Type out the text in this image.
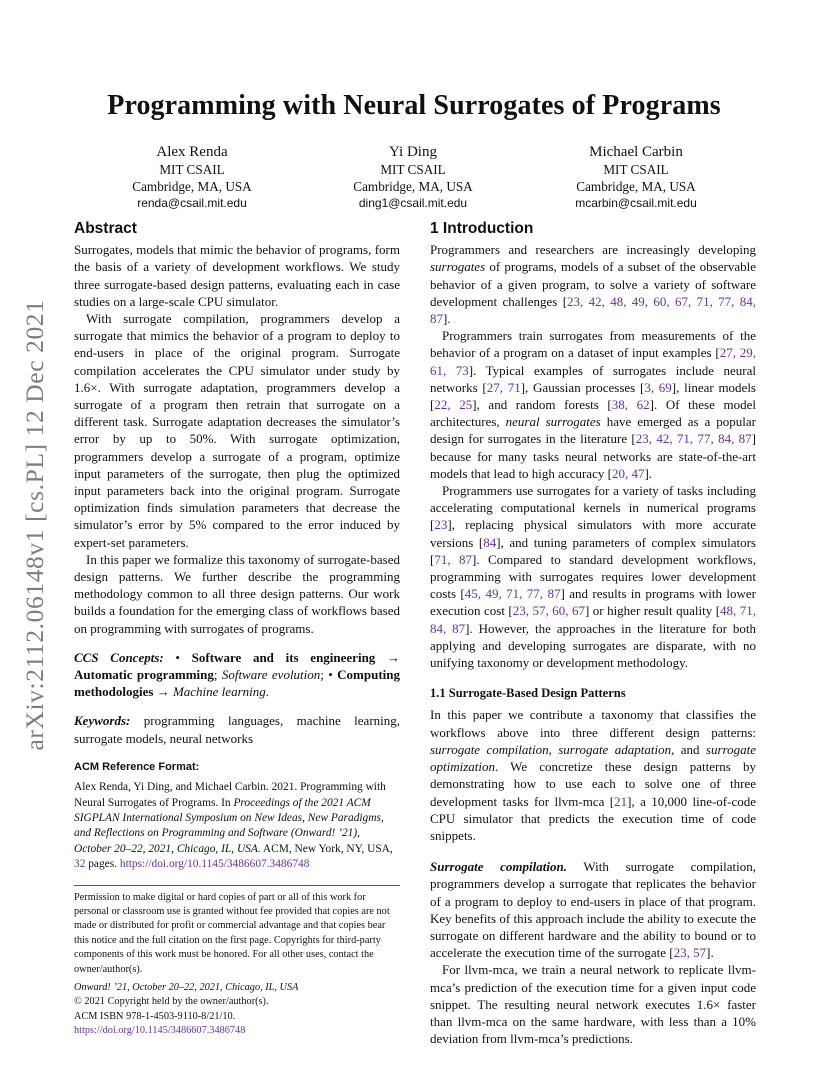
arXiv:2112.06148v1 [cs.PL] 12 Dec 2021
Programming with Neural Surrogates of Programs
Alex Renda
MIT CSAIL
Cambridge, MA, USA
renda@csail.mit.edu
Yi Ding
MIT CSAIL
Cambridge, MA, USA
ding1@csail.mit.edu
Michael Carbin
MIT CSAIL
Cambridge, MA, USA
mcarbin@csail.mit.edu
Abstract

Surrogates, models that mimic the behavior of programs, form the basis of a variety of development workflows. We study three surrogate-based design patterns, evaluating each in case studies on a large-scale CPU simulator.

With surrogate compilation, programmers develop a surrogate that mimics the behavior of a program to deploy to end-users in place of the original program. Surrogate compilation accelerates the CPU simulator under study by 1.6×. With surrogate adaptation, programmers develop a surrogate of a program then retrain that surrogate on a different task. Surrogate adaptation decreases the simulator’s error by up to 50%. With surrogate optimization, programmers develop a surrogate of a program, optimize input parameters of the surrogate, then plug the optimized input parameters back into the original program. Surrogate optimization finds simulation parameters that decrease the simulator’s error by 5% compared to the error induced by expert-set parameters.

In this paper we formalize this taxonomy of surrogate-based design patterns. We further describe the programming methodology common to all three design patterns. Our work builds a foundation for the emerging class of workflows based on programming with surrogates of programs.

CCS Concepts: • Software and its engineering → Automatic programming; Software evolution; • Computing methodologies → Machine learning.

Keywords: programming languages, machine learning, surrogate models, neural networks

ACM Reference Format:

Alex Renda, Yi Ding, and Michael Carbin. 2021. Programming with Neural Surrogates of Programs. In Proceedings of the 2021 ACM SIGPLAN International Symposium on New Ideas, New Paradigms, and Reflections on Programming and Software (Onward! ’21), October 20–22, 2021, Chicago, IL, USA. ACM, New York, NY, USA, 32 pages. https://doi.org/10.1145/3486607.3486748

Permission to make digital or hard copies of part or all of this work for personal or classroom use is granted without fee provided that copies are not made or distributed for profit or commercial advantage and that copies bear this notice and the full citation on the first page. Copyrights for third-party components of this work must be honored. For all other uses, contact the owner/author(s).

Onward! ’21, October 20–22, 2021, Chicago, IL, USA

© 2021 Copyright held by the owner/author(s).

ACM ISBN 978-1-4503-9110-8/21/10.

https://doi.org/10.1145/3486607.3486748

1 Introduction

Programmers and researchers are increasingly developing surrogates of programs, models of a subset of the observable behavior of a given program, to solve a variety of software development challenges [23, 42, 48, 49, 60, 67, 71, 77, 84, 87].

Programmers train surrogates from measurements of the behavior of a program on a dataset of input examples [27, 29, 61, 73]. Typical examples of surrogates include neural networks [27, 71], Gaussian processes [3, 69], linear models [22, 25], and random forests [38, 62]. Of these model architectures, neural surrogates have emerged as a popular design for surrogates in the literature [23, 42, 71, 77, 84, 87] because for many tasks neural networks are state-of-the-art models that lead to high accuracy [20, 47].

Programmers use surrogates for a variety of tasks including accelerating computational kernels in numerical programs [23], replacing physical simulators with more accurate versions [84], and tuning parameters of complex simulators [71, 87]. Compared to standard development workflows, programming with surrogates requires lower development costs [45, 49, 71, 77, 87] and results in programs with lower execution cost [23, 57, 60, 67] or higher result quality [48, 71, 84, 87]. However, the approaches in the literature for both applying and developing surrogates are disparate, with no unifying taxonomy or development methodology.

1.1 Surrogate-Based Design Patterns

In this paper we contribute a taxonomy that classifies the workflows above into three different design patterns: surrogate compilation, surrogate adaptation, and surrogate optimization. We concretize these design patterns by demonstrating how to use each to solve one of three development tasks for llvm-mca [21], a 10,000 line-of-code CPU simulator that predicts the execution time of code snippets.

Surrogate compilation. With surrogate compilation, programmers develop a surrogate that replicates the behavior of a program to deploy to end-users in place of that program. Key benefits of this approach include the ability to execute the surrogate on different hardware and the ability to bound or to accelerate the execution time of the surrogate [23, 57].

For llvm-mca, we train a neural network to replicate llvm-mca’s prediction of the execution time for a given input code snippet. The resulting neural network executes 1.6× faster than llvm-mca on the same hardware, with less than a 10% deviation from llvm-mca’s predictions.
